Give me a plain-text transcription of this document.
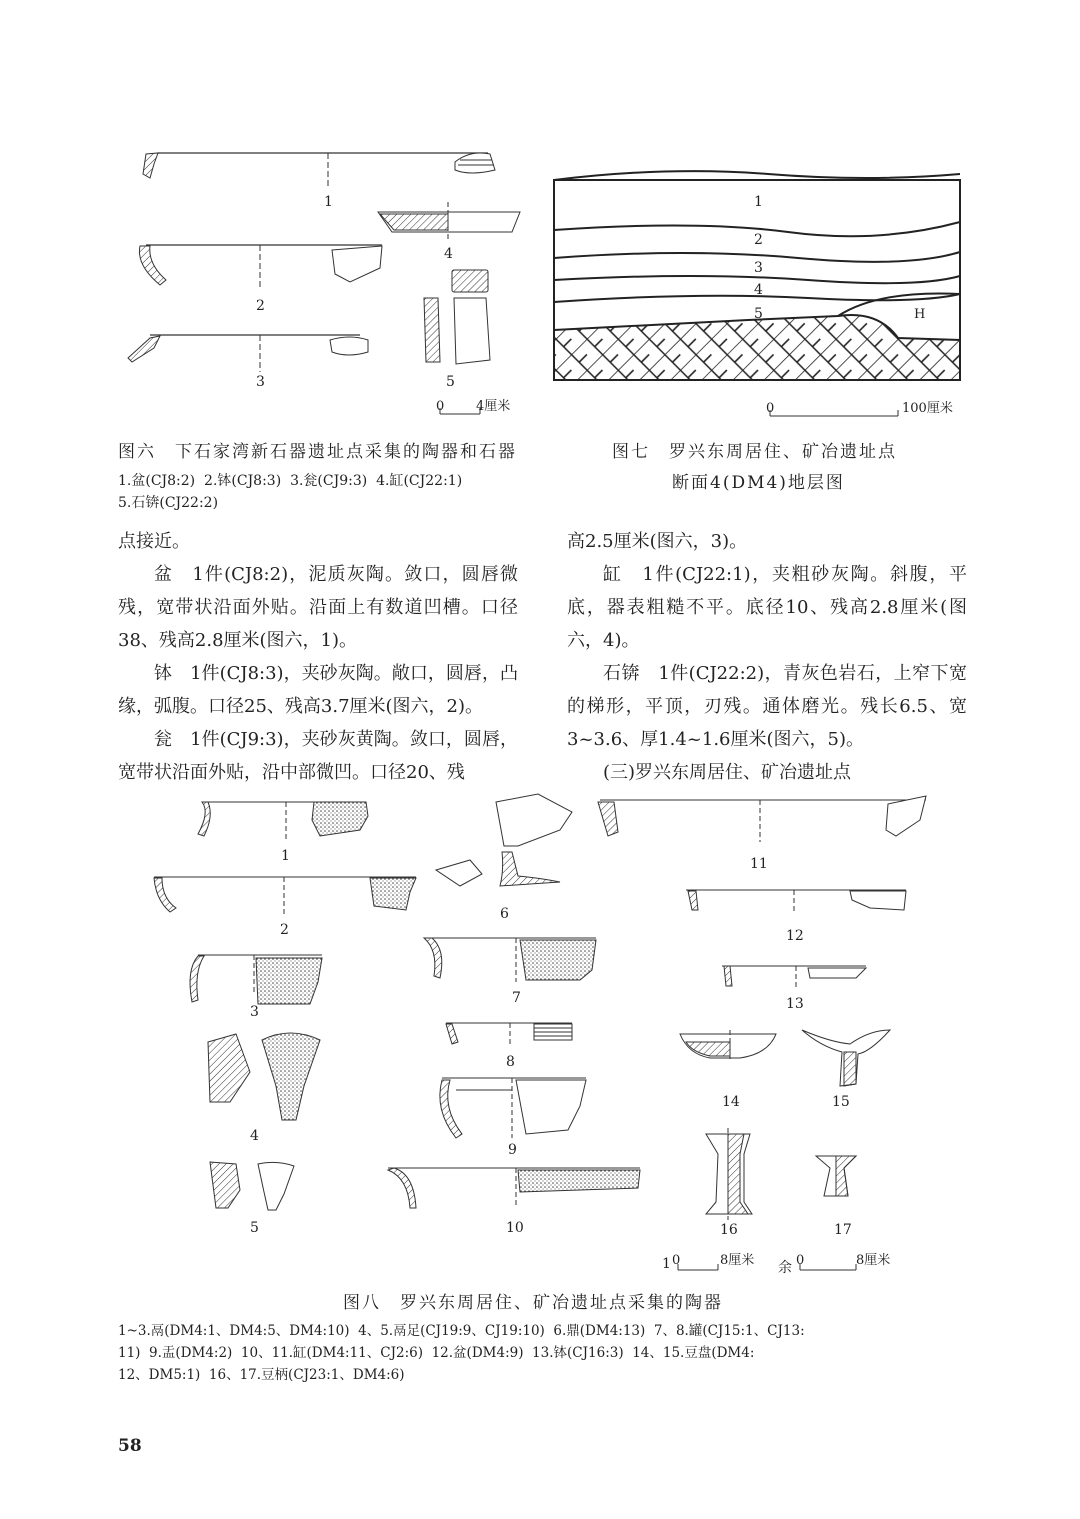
1
4
2
5
3
0 4厘米
图六　下石家湾新石器遗址点采集的陶器和石器
1.盆(CJ8:2)  2.钵(CJ8:3)  3.瓮(CJ9:3)  4.缸(CJ22:1)
5.石锛(CJ22:2)
1
2
3
4
5	H
0	100厘米
图七　罗兴东周居住、矿冶遗址点
断面4(DM4)地层图

点接近。

盆　1件(CJ8:2)，泥质灰陶。敛口，圆唇微残，宽带状沿面外贴。沿面上有数道凹槽。口径38、残高2.8厘米(图六，1)。

钵　1件(CJ8:3)，夹砂灰陶。敞口，圆唇，凸缘，弧腹。口径25、残高3.7厘米(图六，2)。

瓮　1件(CJ9:3)，夹砂灰黄陶。敛口，圆唇，宽带状沿面外贴，沿中部微凹。口径20、残

高2.5厘米(图六，3)。

缸　1件(CJ22:1)，夹粗砂灰陶。斜腹，平底，器表粗糙不平。底径10、残高2.8厘米(图六，4)。

石锛　1件(CJ22:2)，青灰色岩石，上窄下宽的梯形，平顶，刃残。通体磨光。残长6.5、宽3~3.6、厚1.4~1.6厘米(图六，5)。

(三)罗兴东周居住、矿冶遗址点

1
2
3
4
5
6
7
8
9
10
11
12
13
14	15
16	17
1 0	8厘米 余 0	8厘米
图八　罗兴东周居住、矿冶遗址点采集的陶器
1~3.鬲(DM4:1、DM4:5、DM4:10)  4、5.鬲足(CJ19:9、CJ19:10)  6.鼎(DM4:13)  7、8.罐(CJ15:1、CJ13:
11)  9.盂(DM4:2)  10、11.缸(DM4:11、CJ2:6)  12.盆(DM4:9)  13.钵(CJ16:3)  14、15.豆盘(DM4:
12、DM5:1)  16、17.豆柄(CJ23:1、DM4:6)
58
